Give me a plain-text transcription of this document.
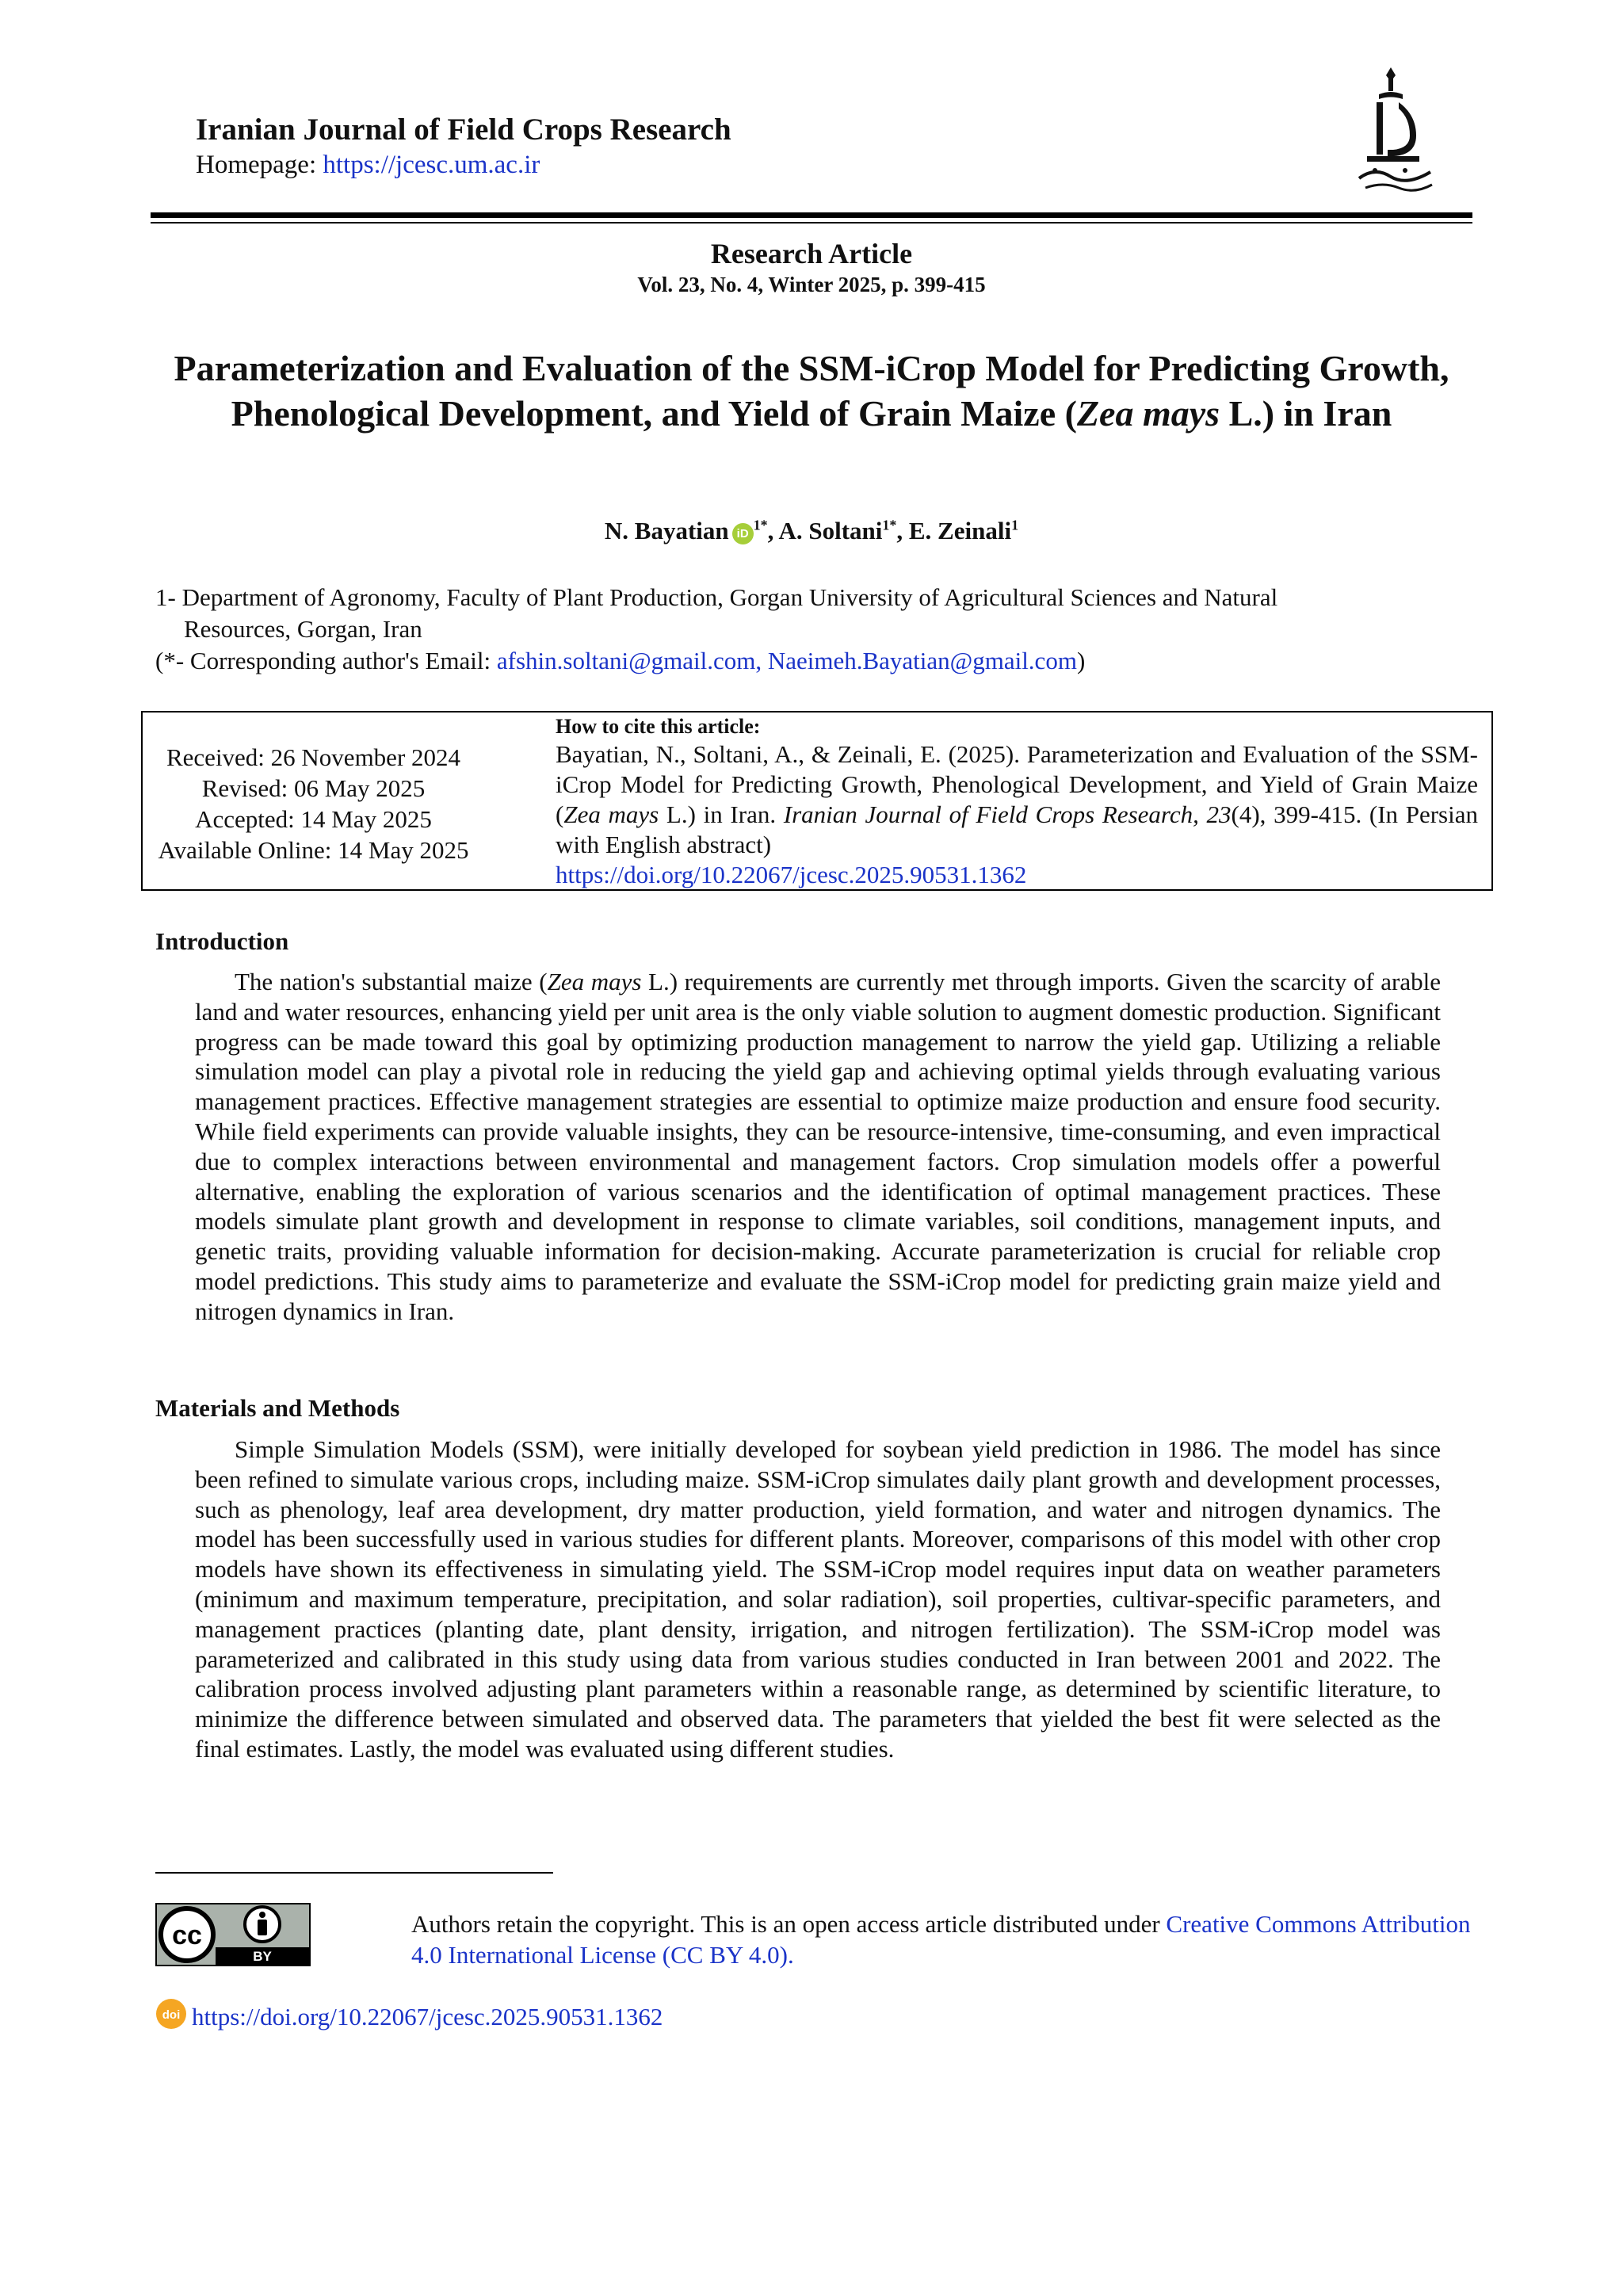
Iranian Journal of Field Crops Research
Homepage: https://jcesc.um.ac.ir
Research Article
Vol. 23, No. 4, Winter 2025, p. 399-415
Parameterization and Evaluation of the SSM-iCrop Model for Predicting Growth, Phenological Development, and Yield of Grain Maize (Zea mays L.) in Iran
N. Bayatian $iD^{1*}$, A. Soltani$^{1*}$, E. Zeinali$^1$
1- Department of Agronomy, Faculty of Plant Production, Gorgan University of Agricultural Sciences and Natural
Resources, Gorgan, Iran
(*- Corresponding author's Email: afshin.soltani@gmail.com, Naeimeh.Bayatian@gmail.com)
Received: 26 November 2024
Revised: 06 May 2025
Accepted: 14 May 2025
Available Online: 14 May 2025
How to cite this article:
Bayatian, N., Soltani, A., & Zeinali, E. (2025). Parameterization and Evaluation of the SSM-iCrop Model for Predicting Growth, Phenological Development, and Yield of Grain Maize (Zea mays L.) in Iran. Iranian Journal of Field Crops Research, 23(4), 399-415. (In Persian with English abstract)
https://doi.org/10.22067/jcesc.2025.90531.1362
Introduction
The nation's substantial maize (Zea mays L.) requirements are currently met through imports. Given the scarcity of arable land and water resources, enhancing yield per unit area is the only viable solution to augment domestic production. Significant progress can be made toward this goal by optimizing production management to narrow the yield gap. Utilizing a reliable simulation model can play a pivotal role in reducing the yield gap and achieving optimal yields through evaluating various management practices. Effective management strategies are essential to optimize maize production and ensure food security. While field experiments can provide valuable insights, they can be resource-intensive, time-consuming, and even impractical due to complex interactions between environmental and management factors. Crop simulation models offer a powerful alternative, enabling the exploration of various scenarios and the identification of optimal management practices. These models simulate plant growth and development in response to climate variables, soil conditions, management inputs, and genetic traits, providing valuable information for decision-making. Accurate parameterization is crucial for reliable crop model predictions. This study aims to parameterize and evaluate the SSM-iCrop model for predicting grain maize yield and nitrogen dynamics in Iran.
Materials and Methods
Simple Simulation Models (SSM), were initially developed for soybean yield prediction in 1986. The model has since been refined to simulate various crops, including maize. SSM-iCrop simulates daily plant growth and development processes, such as phenology, leaf area development, dry matter production, yield formation, and water and nitrogen dynamics. The model has been successfully used in various studies for different plants. Moreover, comparisons of this model with other crop models have shown its effectiveness in simulating yield. The SSM-iCrop model requires input data on weather parameters (minimum and maximum temperature, precipitation, and solar radiation), soil properties, cultivar-specific parameters, and management practices (planting date, plant density, irrigation, and nitrogen fertilization). The SSM-iCrop model was parameterized and calibrated in this study using data from various studies conducted in Iran between 2001 and 2022. The calibration process involved adjusting plant parameters within a reasonable range, as determined by scientific literature, to minimize the difference between simulated and observed data. The parameters that yielded the best fit were selected as the final estimates. Lastly, the model was evaluated using different studies.
cc
BY
Authors retain the copyright. This is an open access article distributed under Creative Commons Attribution 4.0 International License (CC BY 4.0).
doi https://doi.org/10.22067/jcesc.2025.90531.1362
